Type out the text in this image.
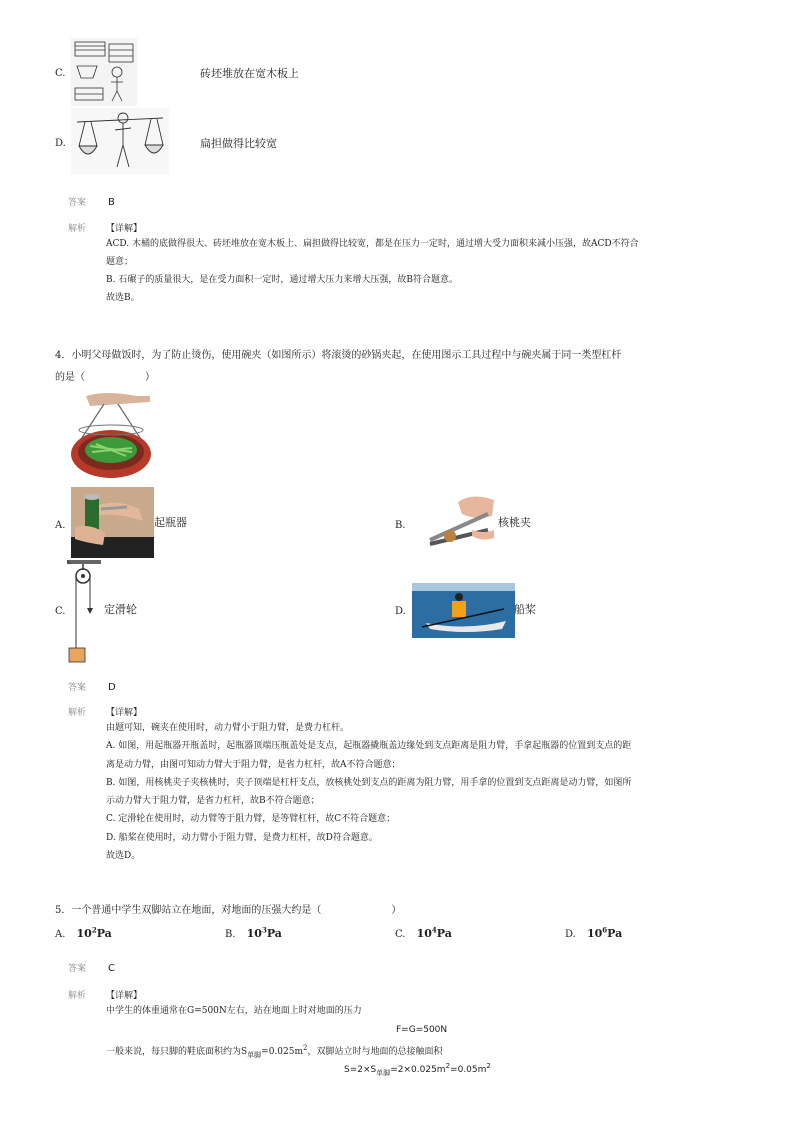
C.	砖坯堆放在宽木板上
D.	扁担做得比较宽
答案 B
解析 【详解】
ACD. 木桶的底做得很大、砖坯堆放在宽木板上、扁担做得比较宽，都是在压力一定时，通过增大受力面积来减小压强，故ACD不符合
题意；
B. 石碾子的质量很大，是在受力面积一定时，通过增大压力来增大压强，故B符合题意。
故选B。
4．小明父母做饭时，为了防止烫伤，使用碗夹（如图所示）将滚烫的砂锅夹起，在使用图示工具过程中与碗夹属于同一类型杠杆
的是（　　　　　　）
A.	起瓶器	B.	核桃夹
C.	定滑轮	D.	船桨
答案 D
解析 【详解】
由题可知，碗夹在使用时，动力臂小于阻力臂，是费力杠杆。
A. 如图，用起瓶器开瓶盖时，起瓶器顶端压瓶盖处是支点，起瓶器撬瓶盖边缘处到支点距离是阻力臂，手拿起瓶器的位置到支点的距
离是动力臂，由图可知动力臂大于阻力臂，是省力杠杆，故A不符合题意；
B. 如图，用核桃夹子夹核桃时，夹子顶端是杠杆支点，放核桃处到支点的距离为阻力臂，用手拿的位置到支点距离是动力臂，如图所
示动力臂大于阻力臂，是省力杠杆，故B不符合题意；
C. 定滑轮在使用时，动力臂等于阻力臂，是等臂杠杆，故C不符合题意；
D. 船桨在使用时，动力臂小于阻力臂，是费力杠杆，故D符合题意。
故选D。
5．一个普通中学生双脚站立在地面，对地面的压强大约是（　　　　　　　）
A. $10^2Pa$	B. $10^3Pa$	C. $10^4Pa$	D. $10^6Pa$
答案 C
解析 【详解】
中学生的体重通常在G=500N左右，站在地面上时对地面的压力
F=G=500N
一般来说，每只脚的鞋底面积约为$S_{单脚}=0.025m^2$，双脚站立时与地面的总接触面积
$S=2\times S_{单脚}=2\times 0.025m^2=0.05m^2$
